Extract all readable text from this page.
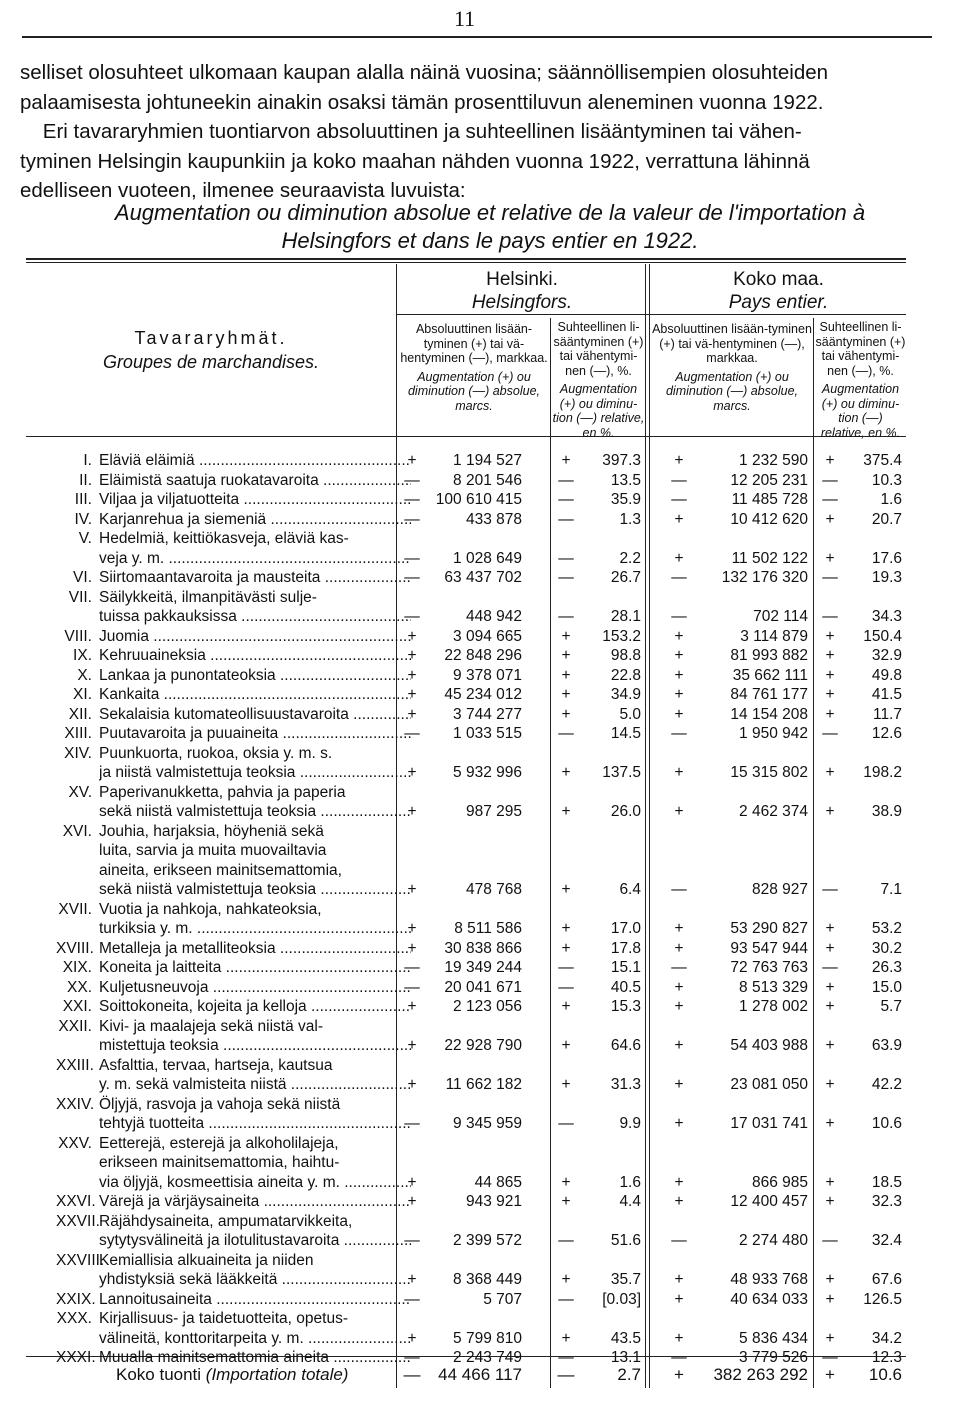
11

selliset olosuhteet ulkomaan kaupan alalla näinä vuosina; säännöllisempien olosuhteiden

palaamisesta johtuneekin ainakin osaksi tämän prosenttiluvun aleneminen vuonna 1922.

Eri tavararyhmien tuontiarvon absoluuttinen ja suhteellinen lisääntyminen tai vähen-

tyminen Helsingin kaupunkiin ja koko maahan nähden vuonna 1922, verrattuna lähinnä

edelliseen vuoteen, ilmenee seuraavista luvuista:

Augmentation ou diminution absolue et relative de la valeur de l'importation à
Helsingfors et dans le pays entier en 1922.
Tavararyhmät.
Groupes de marchandises.
Helsinki.
Helsingfors.
Koko maa.
Pays entier.
Absoluuttinen lisään-tyminen (+) tai vä-hentyminen (—), markkaa.
Augmentation (+) ou diminution (—) absolue, marcs.
Suhteellinen li-sääntyminen (+) tai vähentymi-nen (—), %.
Augmentation (+) ou diminu-tion (—) relative, en %.
Absoluuttinen lisään-tyminen (+) tai vä-hentyminen (—), markkaa.
Augmentation (+) ou diminution (—) absolue, marcs.
Suhteellinen li-sääntyminen (+) tai vähentymi-nen (—), %.
Augmentation (+) ou diminu-tion (—) relative, en %.
I. Eläviä eläimiä .....	+	1 194 527	+	397.3	+	1 232 590	+	375.4
II. Eläimistä saatuja ruokatavaroita .....	—	8 201 546 —	13.5 —	12 205 231 —	10.3
III. Viljaa ja viljatuotteita .....	—	100 610 415 —	35.9 —	11 485 728 —	1.6
IV. Karjanrehua ja siemeniä .....	—	433 878 —	1.3	+	10 412 620	+	20.7
V. Hedelmiä, keittiökasveja, eläviä kas-
veja y. m. .....	—	1 028 649 —	2.2	+	11 502 122	+	17.6
VI. Siirtomaantavaroita ja mausteita .....	—	63 437 702 —	26.7 —	132 176 320 —	19.3
VII. Säilykkeitä, ilmanpitävästi sulje-
tuissa pakkauksissa .....	—	448 942 —	28.1 —	702 114 —	34.3
VIII. Juomia .....	+	3 094 665	+	153.2	+	3 114 879	+	150.4
IX. Kehruuaineksia .....	+	22 848 296	+	98.8	+	81 993 882	+	32.9
X. Lankaa ja punontateoksia .....	+	9 378 071	+	22.8	+	35 662 111	+	49.8
XI. Kankaita .....	+	45 234 012	+	34.9	+	84 761 177	+	41.5
XII. Sekalaisia kutomateollisuustavaroita .....	+	3 744 277	+	5.0	+	14 154 208	+	11.7
XIII. Puutavaroita ja puuaineita .....	—	1 033 515 —	14.5 —	1 950 942 —	12.6
XIV. Puunkuorta, ruokoa, oksia y. m. s.
ja niistä valmistettuja teoksia .....	+	5 932 996	+	137.5	+	15 315 802	+	198.2
XV. Paperivanukketta, pahvia ja paperia
sekä niistä valmistettuja teoksia .....	+	987 295	+	26.0	+	2 462 374	+	38.9
XVI. Jouhia, harjaksia, höyheniä sekä
luita, sarvia ja muita muovailtavia
aineita, erikseen mainitsemattomia,
sekä niistä valmistettuja teoksia .....	+	478 768	+	6.4 —	828 927 —	7.1
XVII. Vuotia ja nahkoja, nahkateoksia,
turkiksia y. m. .....	+	8 511 586	+	17.0	+	53 290 827	+	53.2
XVIII. Metalleja ja metalliteoksia .....	+	30 838 866	+	17.8	+	93 547 944	+	30.2
XIX. Koneita ja laitteita .....	—	19 349 244 —	15.1 —	72 763 763 —	26.3
XX. Kuljetusneuvoja .....	—	20 041 671 —	40.5	+	8 513 329	+	15.0
XXI. Soittokoneita, kojeita ja kelloja .....	+	2 123 056	+	15.3	+	1 278 002	+	5.7
XXII. Kivi- ja maalajeja sekä niistä val-
mistettuja teoksia .....	+	22 928 790	+	64.6	+	54 403 988	+	63.9
XXIII. Asfalttia, tervaa, hartseja, kautsua
y. m. sekä valmisteita niistä .....	+	11 662 182	+	31.3	+	23 081 050	+	42.2
XXIV. Öljyjä, rasvoja ja vahoja sekä niistä
tehtyjä tuotteita .....	—	9 345 959 —	9.9	+	17 031 741	+	10.6
XXV. Eetterejä, esterejä ja alkoholilajeja,
erikseen mainitsemattomia, haihtu-
via öljyjä, kosmeettisia aineita y. m. .....	+	44 865	+	1.6	+	866 985	+	18.5
XXVI. Värejä ja värjäysaineita .....	+	943 921	+	4.4	+	12 400 457	+	32.3
XXVII. Räjähdysaineita, ampumatarvikkeita,
sytytysvälineitä ja ilotulitustavaroita .....	—	2 399 572 —	51.6 —	2 274 480 —	32.4
XXVIII.
Kemiallisia alkuaineita ja niiden
yhdistyksiä sekä lääkkeitä .....	+	8 368 449	+	35.7	+	48 933 768	+	67.6
XXIX. Lannoitusaineita .....	—	5 707 —	[0.03]	+	40 634 033	+	126.5
XXX. Kirjallisuus- ja taidetuotteita, opetus-
välineitä, konttoritarpeita y. m. .....	+	5 799 810	+	43.5	+	5 836 434	+	34.2
XXXI. Muualla mainitsemattomia aineita .....	—	2 243 749 —	13.1 —	3 779 526 —	12.3
Koko tuonti (Importation totale)	—	44 466 117 —	2.7	+	382 263 292	+	10.6
